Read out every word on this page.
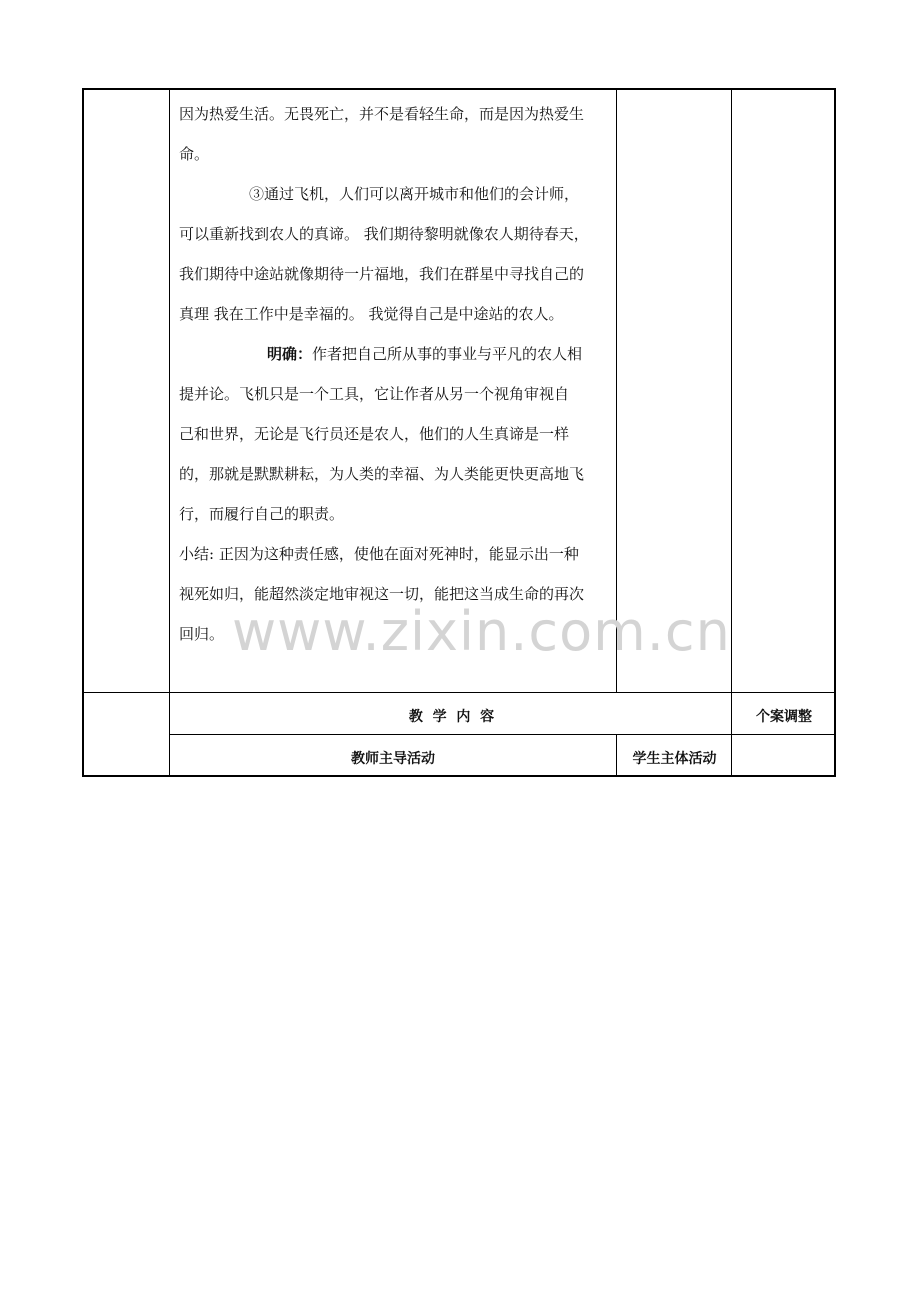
www.zixin.com.cn
因为热爱生活。无畏死亡，并不是看轻生命，而是因为热爱生
命。
③通过飞机，人们可以离开城市和他们的会计师，
可以重新找到农人的真谛。 我们期待黎明就像农人期待春天，
我们期待中途站就像期待一片福地，我们在群星中寻找自己的
真理 我在工作中是幸福的。 我觉得自己是中途站的农人。
明确：作者把自己所从事的事业与平凡的农人相
提并论。飞机只是一个工具，它让作者从另一个视角审视自
己和世界，无论是飞行员还是农人，他们的人生真谛是一样
的，那就是默默耕耘，为人类的幸福、为人类能更快更高地飞
行，而履行自己的职责。
小结: 正因为这种责任感，使他在面对死神时，能显示出一种
视死如归，能超然淡定地审视这一切，能把这当成生命的再次
回归。
教  学  内  容	个案调整
教师主导活动	学生主体活动
